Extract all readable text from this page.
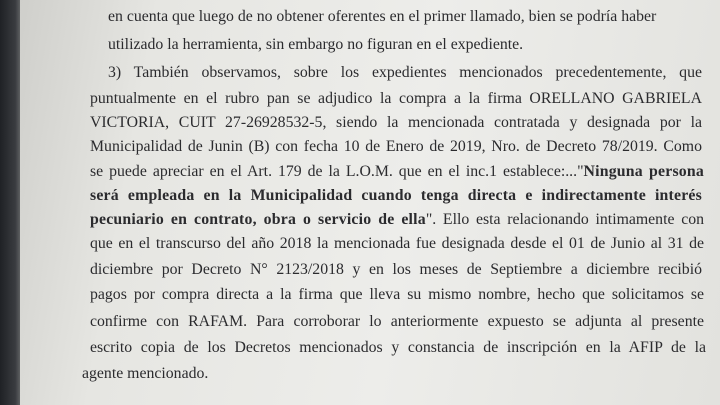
en cuenta que luego de no obtener oferentes en el primer llamado, bien se podría haber
utilizado la herramienta, sin embargo no figuran en el expediente.
3) También observamos, sobre los expedientes mencionados precedentemente, que
puntualmente en el rubro pan se adjudico la compra a la firma ORELLANO GABRIELA
VICTORIA, CUIT 27-26928532-5, siendo la mencionada contratada y designada por la
Municipalidad de Junin (B) con fecha 10 de Enero de 2019, Nro. de Decreto 78/2019. Como
se puede apreciar en el Art. 179 de la L.O.M. que en el inc.1 establece:..."Ninguna persona
será empleada en la Municipalidad cuando tenga directa e indirectamente interés
pecuniario en contrato, obra o servicio de ella". Ello esta relacionando intimamente con
que en el transcurso del año 2018 la mencionada fue designada desde el 01 de Junio al 31 de
diciembre por Decreto N° 2123/2018 y en los meses de Septiembre a diciembre recibió
pagos por compra directa a la firma que lleva su mismo nombre, hecho que solicitamos se
confirme con RAFAM. Para corroborar lo anteriormente expuesto se adjunta al presente
escrito copia de los Decretos mencionados y constancia de inscripción en la AFIP de la
agente mencionado.
